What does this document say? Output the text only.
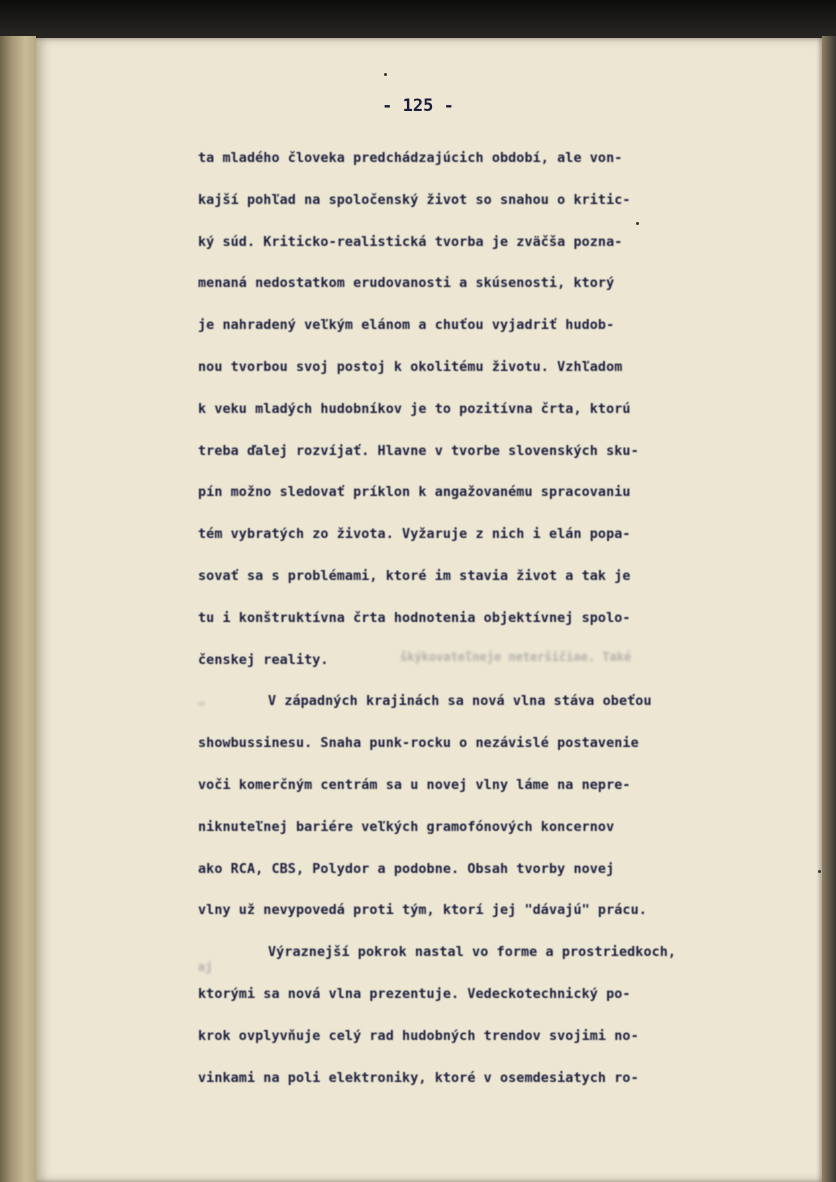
- 125 -
škýkovateľneje neteršičiae. Také
"
aj
ta mladého človeka predchádzajúcich období, ale von-
kajší pohľad na spoločenský život so snahou o kritic-
ký súd. Kriticko-realistická tvorba je zväčša pozna-
menaná nedostatkom erudovanosti a skúsenosti, ktorý
je nahradený veľkým elánom a chuťou vyjadriť hudob-
nou tvorbou svoj postoj k okolitému životu. Vzhľadom
k veku mladých hudobníkov je to pozitívna črta, ktorú
treba ďalej rozvíjať. Hlavne v tvorbe slovenských sku-
pín možno sledovať príklon k angažovanému spracovaniu
tém vybratých zo života. Vyžaruje z nich i elán popa-
sovať sa s problémami, ktoré im stavia život a tak je
tu i konštruktívna črta hodnotenia objektívnej spolo-
čenskej reality.
V západných krajinách sa nová vlna stáva obeťou
showbussinesu. Snaha punk-rocku o nezávislé postavenie
voči komerčným centrám sa u novej vlny láme na nepre-
niknuteľnej bariére veľkých gramofónových koncernov
ako RCA, CBS, Polydor a podobne. Obsah tvorby novej
vlny už nevypovedá proti tým, ktorí jej "dávajú" prácu.
Výraznejší pokrok nastal vo forme a prostriedkoch,
ktorými sa nová vlna prezentuje. Vedeckotechnický po-
krok ovplyvňuje celý rad hudobných trendov svojimi no-
vinkami na poli elektroniky, ktoré v osemdesiatych ro-
